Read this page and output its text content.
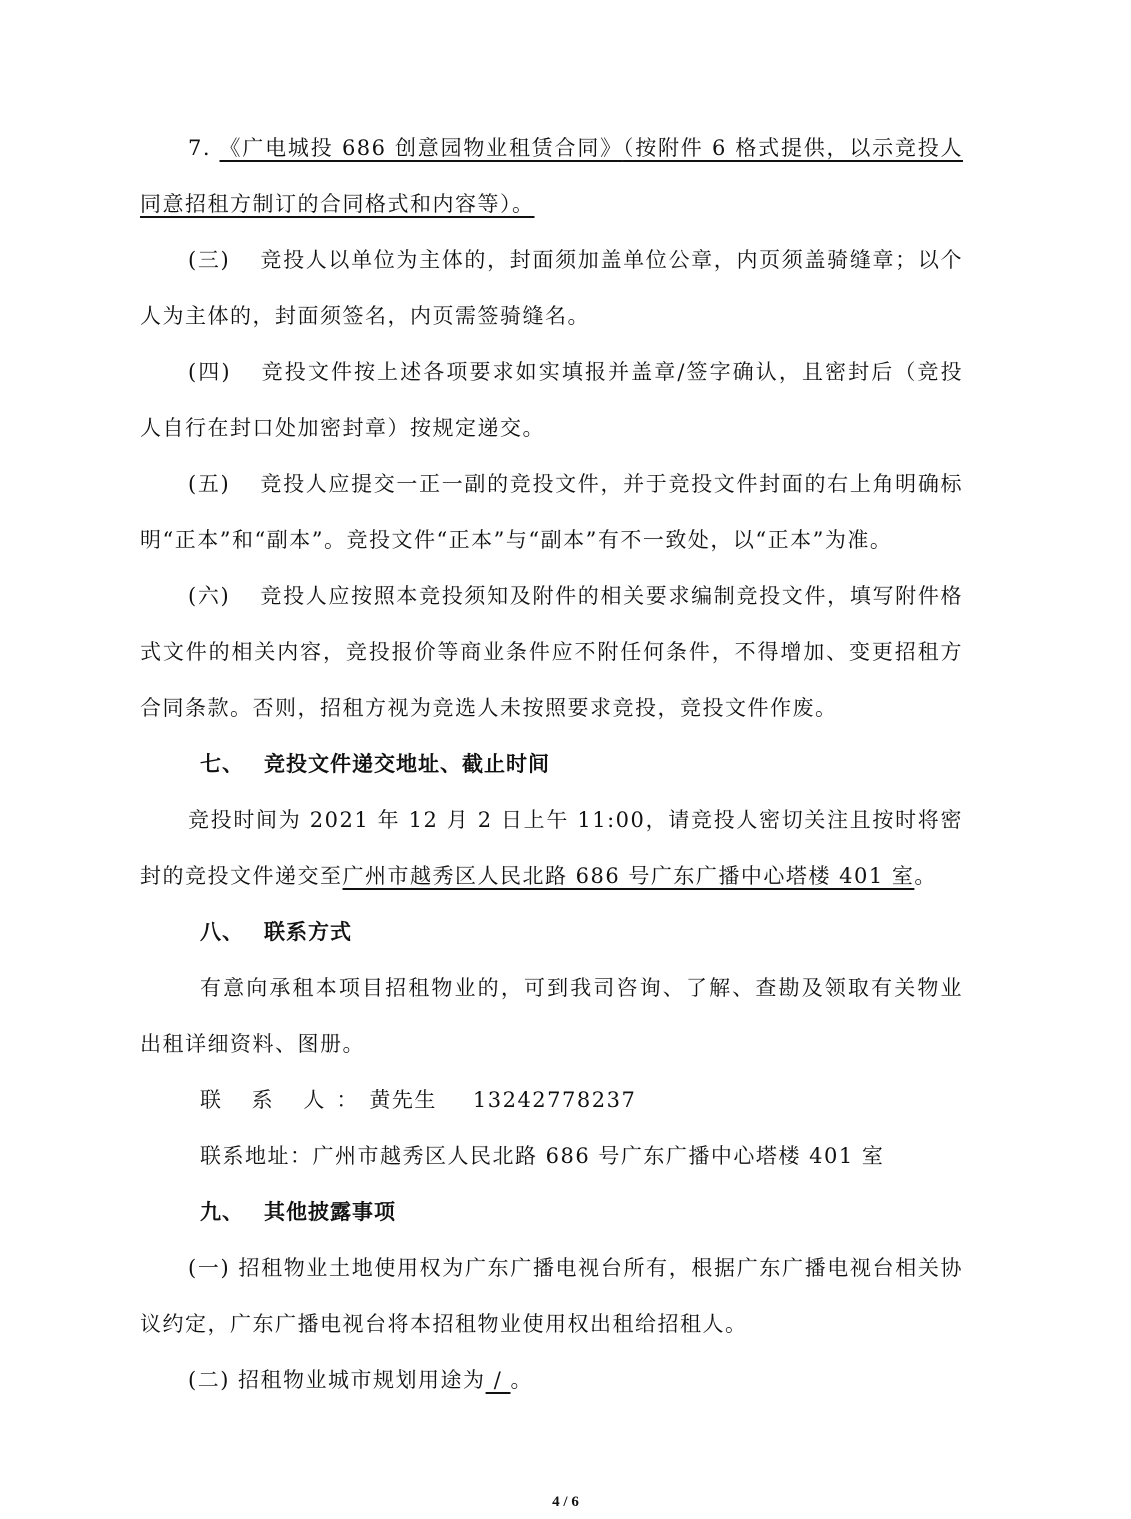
7. 《广电城投 686 创意园物业租赁合同》（按附件 6 格式提供，以示竞投人同意招租方制订的合同格式和内容等）。

(三) 竞投人以单位为主体的，封面须加盖单位公章，内页须盖骑缝章；以个人为主体的，封面须签名，内页需签骑缝名。

(四) 竞投文件按上述各项要求如实填报并盖章/签字确认，且密封后（竞投人自行在封口处加密封章）按规定递交。

(五) 竞投人应提交一正一副的竞投文件，并于竞投文件封面的右上角明确标明“正本”和“副本”。竞投文件“正本”与“副本”有不一致处，以“正本”为准。

(六) 竞投人应按照本竞投须知及附件的相关要求编制竞投文件，填写附件格式文件的相关内容，竞投报价等商业条件应不附任何条件，不得增加、变更招租方合同条款。否则，招租方视为竞选人未按照要求竞投，竞投文件作废。

七、 竞投文件递交地址、截止时间

竞投时间为 2021 年 12 月 2 日上午 11:00，请竞投人密切关注且按时将密封的竞投文件递交至广州市越秀区人民北路 686 号广东广播中心塔楼 401 室。

八、 联系方式

有意向承租本项目招租物业的，可到我司咨询、了解、查勘及领取有关物业出租详细资料、图册。

联 系 人：黄先生 13242778237

联系地址：广州市越秀区人民北路 686 号广东广播中心塔楼 401 室

九、 其他披露事项

(一) 招租物业土地使用权为广东广播电视台所有，根据广东广播电视台相关协议约定，广东广播电视台将本招租物业使用权出租给招租人。

(二) 招租物业城市规划用途为 / 。

4 / 6
